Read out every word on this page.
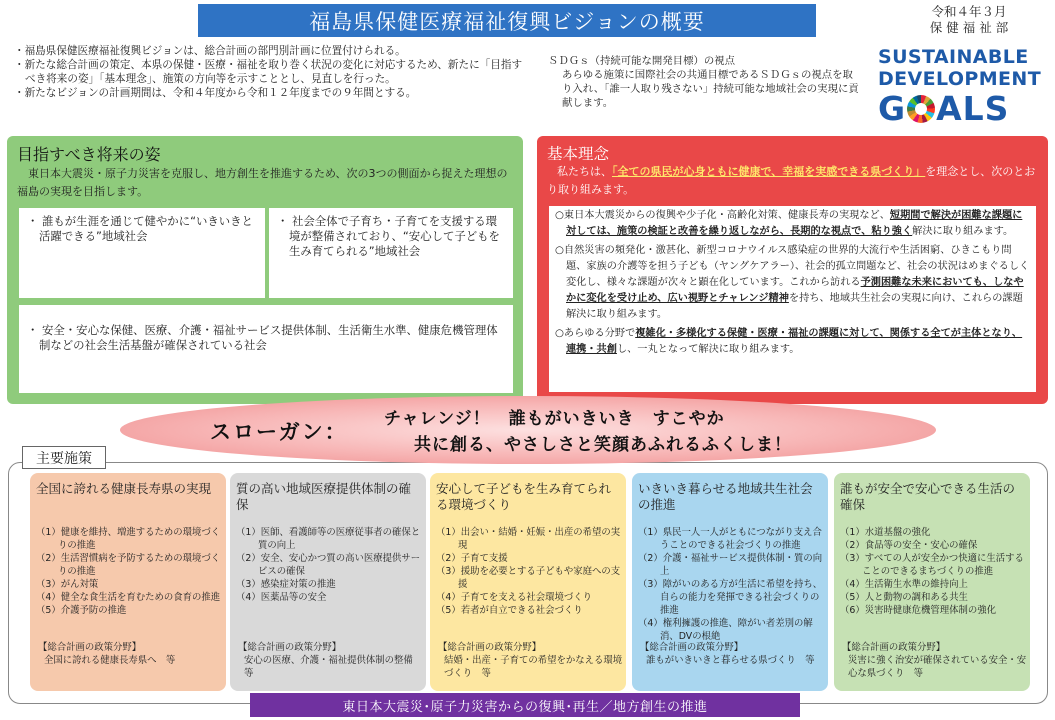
福島県保健医療福祉復興ビジョンの概要	令和４年３月
保 健 福 祉 部

・福島県保健医療福祉復興ビジョンは、総合計画の部門別計画に位置付けられる。

・新たな総合計画の策定、本県の保健・医療・福祉を取り巻く状況の変化に対応するため、新たに「目指すべき将来の姿」「基本理念」、施策の方向等を示すこととし、見直しを行った。

・新たなビジョンの計画期間は、令和４年度から令和１２年度までの９年間とする。

ＳＤＧｓ（持続可能な開発目標）の視点
あらゆる施策に国際社会の共通目標であるＳＤＧｓの視点を取り入れ、「誰一人取り残さない」持続可能な地域社会の実現に貢献します。
SUSTAINABLE
DEVELOPMENT
G ALS
目指すべき将来の姿
東日本大震災・原子力災害を克服し、地方創生を推進するため、次の3つの側面から捉えた理想の福島の実現を目指します。
・ 誰もが生涯を通じて健やかに“いきいきと活躍できる”地域社会
・ 社会全体で子育ち・子育てを支援する環境が整備されており、“安心して子どもを生み育てられる”地域社会
・ 安全・安心な保健、医療、介護・福祉サービス提供体制、生活衛生水準、健康危機管理体制などの社会生活基盤が確保されている社会
基本理念
私たちは、「全ての県民が心身ともに健康で、幸福を実感できる県づくり」を理念とし、次のとおり取り組みます。

○東日本大震災からの復興や少子化・高齢化対策、健康長寿の実現など、短期間で解決が困難な課題に対しては、施策の検証と改善を繰り返しながら、長期的な視点で、粘り強く解決に取り組みます。

○自然災害の頻発化・激甚化、新型コロナウイルス感染症の世界的大流行や生活困窮、ひきこもり問題、家族の介護等を担う子ども（ヤングケアラー）、社会的孤立問題など、社会の状況はめまぐるしく変化し、様々な課題が次々と顕在化しています。これから訪れる予測困難な未来においても、しなやかに変化を受け止め、広い視野とチャレンジ精神を持ち、地域共生社会の実現に向け、これらの課題解決に取り組みます。

○あらゆる分野で複雑化・多様化する保健・医療・福祉の課題に対して、関係する全てが主体となり、連携・共創し、一丸となって解決に取り組みます。

主要施策
スローガン：
チャレンジ！　誰もがいきいき　すこやか
共に創る、やさしさと笑顔あふれるふくしま！
全国に誇れる健康長寿県の実現

（1）健康を維持、増進するための環境づくりの推進

（2）生活習慣病を予防するための環境づくりの推進

（3）がん対策

（4）健全な食生活を育むための食育の推進

（5）介護予防の推進

【総合計画の政策分野】
全国に誇れる健康長寿県へ　等
質の高い地域医療提供体制の確保

（1）医師、看護師等の医療従事者の確保と質の向上

（2）安全、安心かつ質の高い医療提供サービスの確保

（3）感染症対策の推進

（4）医薬品等の安全

【総合計画の政策分野】
安心の医療、介護・福祉提供体制の整備　等
安心して子どもを生み育てられる環境づくり

（1）出会い・結婚・妊娠・出産の希望の実現

（2）子育て支援

（3）援助を必要とする子どもや家庭への支援

（4）子育てを支える社会環境づくり

（5）若者が自立できる社会づくり

【総合計画の政策分野】
結婚・出産・子育ての希望をかなえる環境づくり　等
いきいき暮らせる地域共生社会の推進

（1）県民一人一人がともにつながり支え合うことのできる社会づくりの推進

（2）介護・福祉サービス提供体制・質の向上

（3）障がいのある方が生活に希望を持ち、自らの能力を発揮できる社会づくりの推進

（4）権利擁護の推進、障がい者差別の解消、DVの根絶

【総合計画の政策分野】
誰もがいきいきと暮らせる県づくり　等
誰もが安全で安心できる生活の確保

（1）水道基盤の強化

（2）食品等の安全・安心の確保

（3）すべての人が安全かつ快適に生活することのできるまちづくりの推進

（4）生活衛生水準の維持向上

（5）人と動物の調和ある共生

（6）災害時健康危機管理体制の強化

【総合計画の政策分野】
災害に強く治安が確保されている安全・安心な県づくり　等
東日本大震災･原子力災害からの復興･再生／地方創生の推進
